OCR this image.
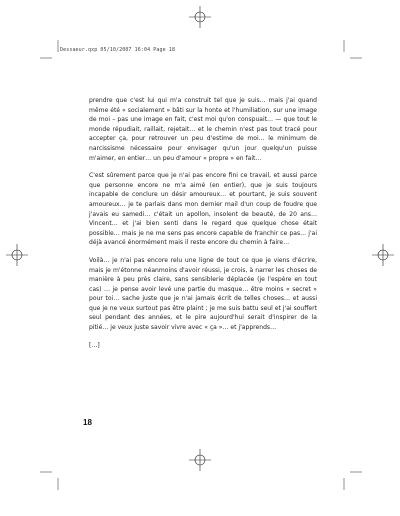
Dessaeur.qxp 05/10/2007 16:04 Page 18

prendre que c'est lui qui m'a construit tel que je suis… mais j'ai quand même été « socialement » bâti sur la honte et l'humiliation, sur une image de moi – pas une image en fait, c'est moi qu'on conspuait… — que tout le monde répudiait, raillait, rejetait… et le chemin n'est pas tout tracé pour accepter ça, pour retrouver un peu d'estime de moi… le minimum de narcissisme nécessaire pour envisager qu'un jour quelqu'un puisse m'aimer, en entier… un peu d'amour « propre » en fait…

C'est sûrement parce que je n'ai pas encore fini ce travail, et aussi parce que personne encore ne m'a aimé (en entier), que je suis toujours incapable de conclure un désir amoureux… et pourtant, je suis souvent amoureux… je te parlais dans mon dernier mail d'un coup de foudre que j'avais eu samedi… c'était un apollon, insolent de beauté, de 20 ans… Vincent… et j'ai bien senti dans le regard que quelque chose était possible… mais je ne me sens pas encore capable de franchir ce pas… j'ai déjà avancé énormément mais il reste encore du chemin à faire…

Voilà… je n'ai pas encore relu une ligne de tout ce que je viens d'écrire, mais je m'étonne néanmoins d'avoir réussi, je crois, à narrer les choses de manière à peu près claire, sans sensiblerie déplacée (je l'espère en tout cas) … je pense avoir levé une partie du masque… être moins « secret » pour toi… sache juste que je n'ai jamais écrit de telles choses… et aussi que je ne veux surtout pas être plaint ; je me suis battu seul et j'ai souffert seul pendant des années, et le pire aujourd'hui serait d'inspirer de la pitié… je veux juste savoir vivre avec « ça »… et j'apprends…

[…]

18
